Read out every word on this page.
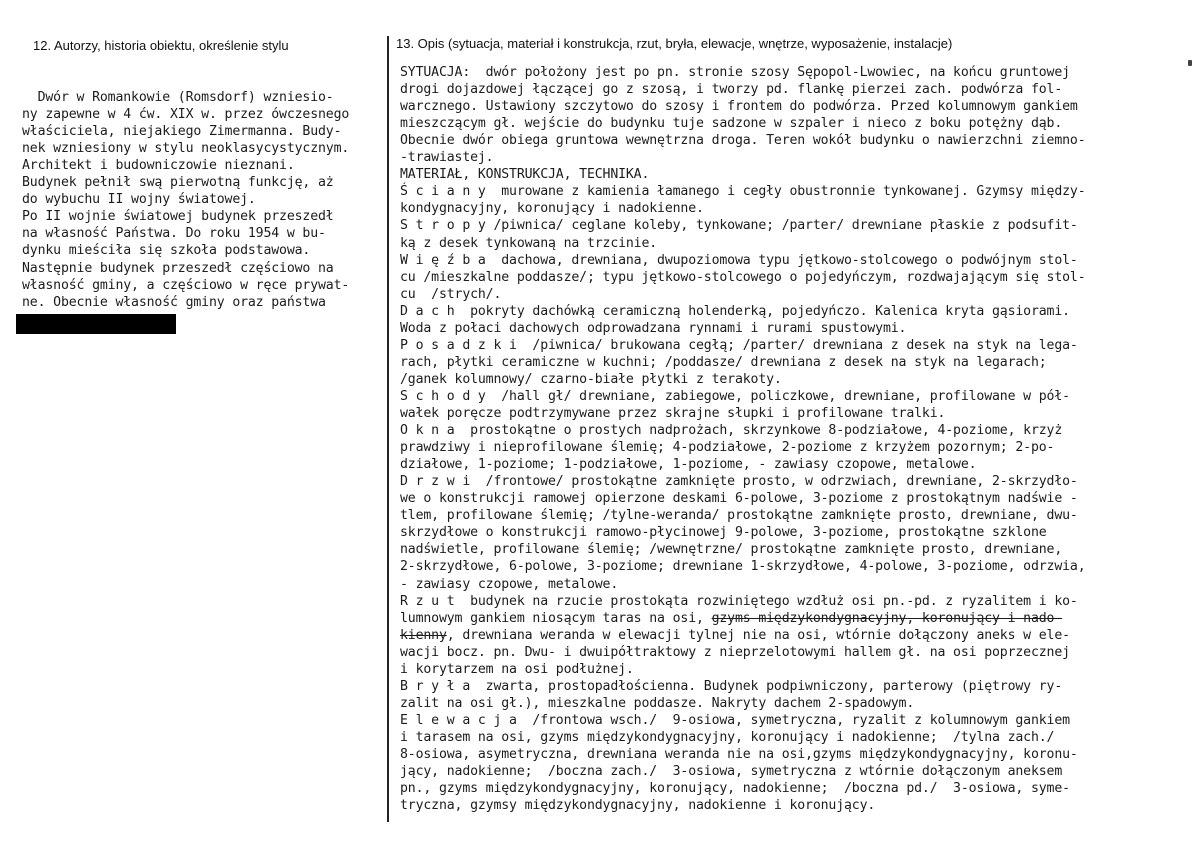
12. Autorzy, historia obiektu, określenie stylu
Dwór w Romankowie (Romsdorf) wzniesio-
ny zapewne w 4 ćw. XIX w. przez ówczesnego
właściciela, niejakiego Zimermanna. Budy-
nek wzniesiony w stylu neoklasycystycznym.
Architekt i budowniczowie nieznani.
Budynek pełnił swą pierwotną funkcję, aż
do wybuchu II wojny światowej.
Po II wojnie światowej budynek przeszedł
na własność Państwa. Do roku 1954 w bu-
dynku mieściła się szkoła podstawowa.
Następnie budynek przeszedł częściowo na
własność gminy, a częściowo w ręce prywat-
ne. Obecnie własność gminy oraz państwa
13. Opis (sytuacja, materiał i konstrukcja, rzut, bryła, elewacje, wnętrze, wyposażenie, instalacje)
SYTUACJA:  dwór położony jest po pn. stronie szosy Sępopol-Lwowiec, na końcu gruntowej
drogi dojazdowej łączącej go z szosą, i tworzy pd. flankę pierzei zach. podwórza fol-
warcznego. Ustawiony szczytowo do szosy i frontem do podwórza. Przed kolumnowym gankiem
mieszczącym gł. wejście do budynku tuje sadzone w szpaler i nieco z boku potężny dąb.
Obecnie dwór obiega gruntowa wewnętrzna droga. Teren wokół budynku o nawierzchni ziemno-
-trawiastej.
MATERIAŁ, KONSTRUKCJA, TECHNIKA.
Ś c i a n y  murowane z kamienia łamanego i cegły obustronnie tynkowanej. Gzymsy między-
kondygnacyjny, koronujący i nadokienne.
S t r o p y /piwnica/ ceglane koleby, tynkowane; /parter/ drewniane płaskie z podsufit-
ką z desek tynkowaną na trzcinie.
W i ę ź b a  dachowa, drewniana, dwupoziomowa typu jętkowo-stolcowego o podwójnym stol-
cu /mieszkalne poddasze/; typu jętkowo-stolcowego o pojedyńczym, rozdwajającym się stol-
cu  /strych/.
D a c h  pokryty dachówką ceramiczną holenderką, pojedyńczo. Kalenica kryta gąsiorami.
Woda z połaci dachowych odprowadzana rynnami i rurami spustowymi.
P o s a d z k i  /piwnica/ brukowana cegłą; /parter/ drewniana z desek na styk na lega-
rach, płytki ceramiczne w kuchni; /poddasze/ drewniana z desek na styk na legarach;
/ganek kolumnowy/ czarno-białe płytki z terakoty.
S c h o d y  /hall gł/ drewniane, zabiegowe, policzkowe, drewniane, profilowane w pół-
wałek poręcze podtrzymywane przez skrajne słupki i profilowane tralki.
O k n a  prostokątne o prostych nadprożach, skrzynkowe 8-podziałowe, 4-poziome, krzyż
prawdziwy i nieprofilowane ślemię; 4-podziałowe, 2-poziome z krzyżem pozornym; 2-po-
działowe, 1-poziome; 1-podziałowe, 1-poziome, - zawiasy czopowe, metalowe.
D r z w i  /frontowe/ prostokątne zamknięte prosto, w odrzwiach, drewniane, 2-skrzydło-
we o konstrukcji ramowej opierzone deskami 6-polowe, 3-poziome z prostokątnym nadświe -
tlem, profilowane ślemię; /tylne-weranda/ prostokątne zamknięte prosto, drewniane, dwu-
skrzydłowe o konstrukcji ramowo-płycinowej 9-polowe, 3-poziome, prostokątne szklone
nadświetle, profilowane ślemię; /wewnętrzne/ prostokątne zamknięte prosto, drewniane,
2-skrzydłowe, 6-polowe, 3-poziome; drewniane 1-skrzydłowe, 4-polowe, 3-poziome, odrzwia,
- zawiasy czopowe, metalowe.
R z u t  budynek na rzucie prostokąta rozwiniętego wzdłuż osi pn.-pd. z ryzalitem i ko-
lumnowym gankiem niosącym taras na osi, gzyms międzykondygnacyjny, koronujący i nado-
kienny, drewniana weranda w elewacji tylnej nie na osi, wtórnie dołączony aneks w ele-
wacji bocz. pn. Dwu- i dwuipółtraktowy z nieprzelotowymi hallem gł. na osi poprzecznej
i korytarzem na osi podłużnej.
B r y ł a  zwarta, prostopadłościenna. Budynek podpiwniczony, parterowy (piętrowy ry-
zalit na osi gł.), mieszkalne poddasze. Nakryty dachem 2-spadowym.
E l e w a c j a  /frontowa wsch./  9-osiowa, symetryczna, ryzalit z kolumnowym gankiem
i tarasem na osi, gzyms międzykondygnacyjny, koronujący i nadokienne;  /tylna zach./
8-osiowa, asymetryczna, drewniana weranda nie na osi,gzyms międzykondygnacyjny, koronu-
jący, nadokienne;  /boczna zach./  3-osiowa, symetryczna z wtórnie dołączonym aneksem
pn., gzyms międzykondygnacyjny, koronujący, nadokienne;  /boczna pd./  3-osiowa, syme-
tryczna, gzymsy międzykondygnacyjny, nadokienne i koronujący.
